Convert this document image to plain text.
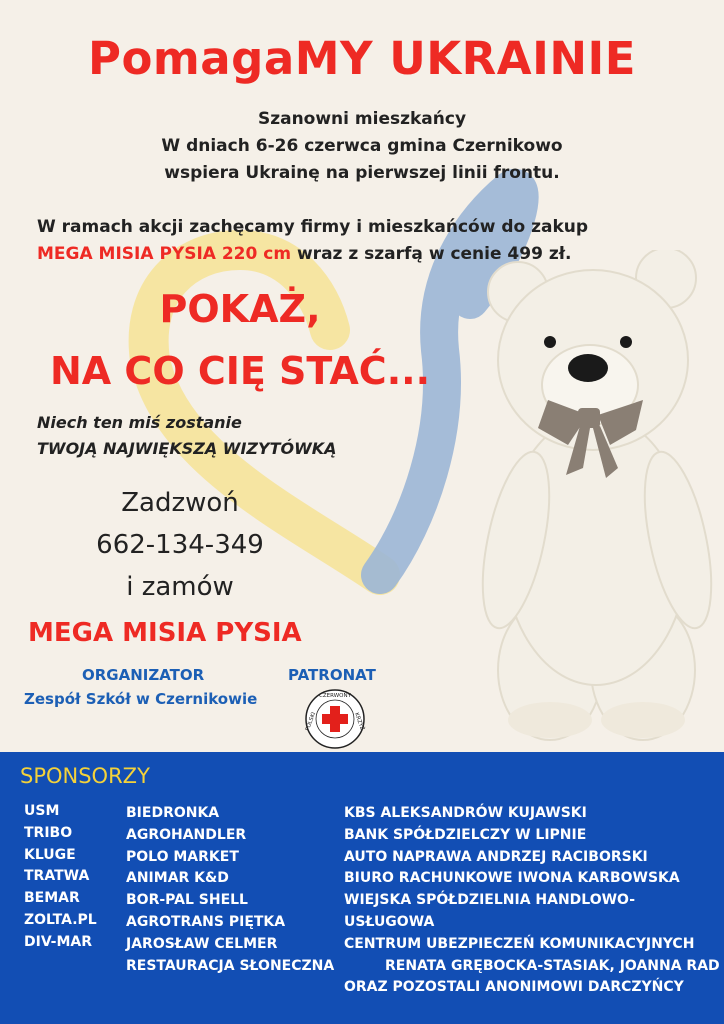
PomagaMY UKRAINIE
Szanowni mieszkańcy
W dniach 6-26 czerwca gmina Czernikowo
wspiera Ukrainę na pierwszej linii frontu.
W ramach akcji zachęcamy firmy i mieszkańców do zakup
MEGA MISIA PYSIA 220 cm wraz z szarfą w cenie 499 zł.
POKAŻ,
NA CO CIĘ STAĆ...
Niech ten miś zostanie
TWOJĄ NAJWIĘKSZĄ WIZYTÓWKĄ
Zadzwoń
662-134-349
i zamów
MEGA MISIA PYSIA
ORGANIZATOR
Zespół Szkół w Czernikowie
PATRONAT
CZERWONY
POLSKI	KRZYŻ
SPONSORZY
USM
TRIBO
KLUGE
TRATWA
BEMAR
ZOLTA.PL
DIV-MAR
BIEDRONKA
AGROHANDLER
POLO MARKET
ANIMAR K&D
BOR-PAL SHELL
AGROTRANS PIĘTKA
JAROSŁAW CELMER
RESTAURACJA SŁONECZNA
KBS ALEKSANDRÓW KUJAWSKI
BANK SPÓŁDZIELCZY W LIPNIE
AUTO NAPRAWA ANDRZEJ RACIBORSKI
BIURO RACHUNKOWE IWONA KARBOWSKA
WIEJSKA SPÓŁDZIELNIA HANDLOWO-USŁUGOWA
CENTRUM UBEZPIECZEŃ KOMUNIKACYJNYCH
RENATA GRĘBOCKA-STASIAK, JOANNA RAD
ORAZ POZOSTALI ANONIMOWI DARCZYŃCY
